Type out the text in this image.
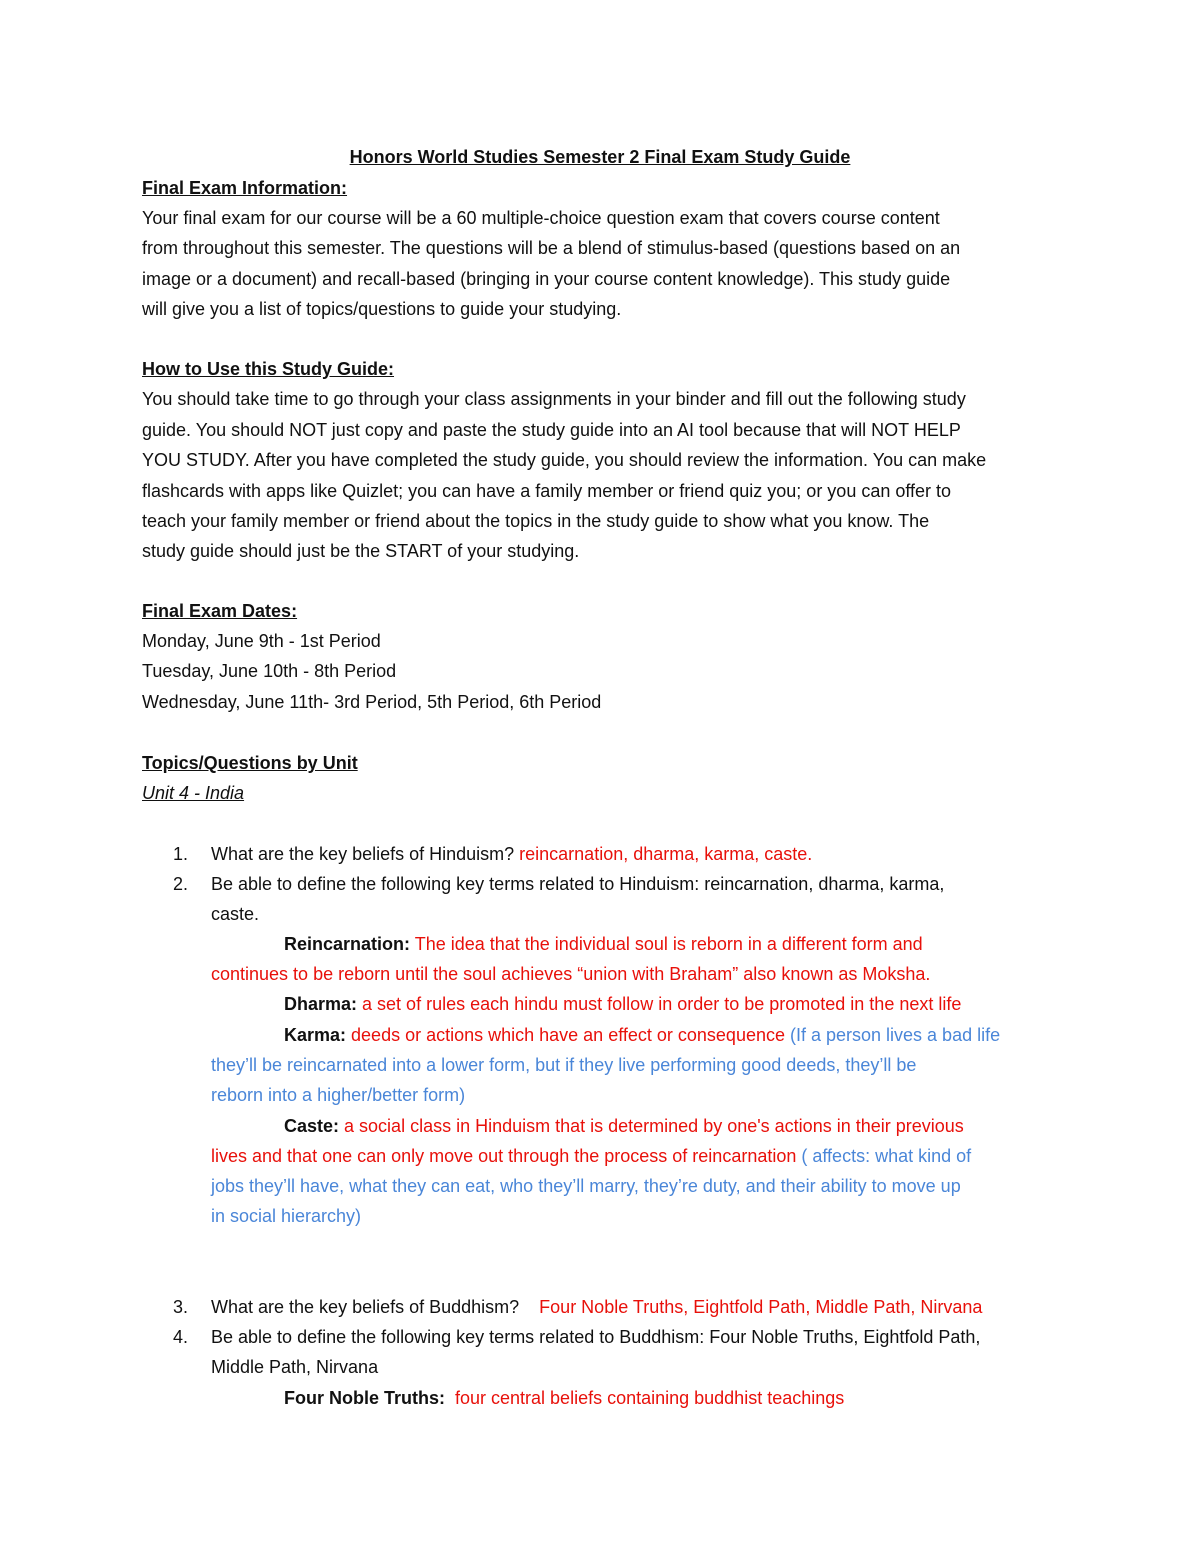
Honors World Studies Semester 2 Final Exam Study Guide
Final Exam Information:
Your final exam for our course will be a 60 multiple-choice question exam that covers course content
from throughout this semester. The questions will be a blend of stimulus-based (questions based on an
image or a document) and recall-based (bringing in your course content knowledge). This study guide
will give you a list of topics/questions to guide your studying.
How to Use this Study Guide:
You should take time to go through your class assignments in your binder and fill out the following study
guide. You should NOT just copy and paste the study guide into an AI tool because that will NOT HELP
YOU STUDY. After you have completed the study guide, you should review the information. You can make
flashcards with apps like Quizlet; you can have a family member or friend quiz you; or you can offer to
teach your family member or friend about the topics in the study guide to show what you know. The
study guide should just be the START of your studying.
Final Exam Dates:
Monday, June 9th - 1st Period
Tuesday, June 10th - 8th Period
Wednesday, June 11th- 3rd Period, 5th Period, 6th Period
Topics/Questions by Unit
Unit 4 - India
1. What are the key beliefs of Hinduism? reincarnation, dharma, karma, caste.
2. Be able to define the following key terms related to Hinduism: reincarnation, dharma, karma,
caste.
Reincarnation: The idea that the individual soul is reborn in a different form and
continues to be reborn until the soul achieves “union with Braham” also known as Moksha.
Dharma: a set of rules each hindu must follow in order to be promoted in the next life
Karma: deeds or actions which have an effect or consequence (If a person lives a bad life
they’ll be reincarnated into a lower form, but if they live performing good deeds, they’ll be
reborn into a higher/better form)
Caste: a social class in Hinduism that is determined by one's actions in their previous
lives and that one can only move out through the process of reincarnation ( affects: what kind of
jobs they’ll have, what they can eat, who they’ll marry, they’re duty, and their ability to move up
in social hierarchy)
3. What are the key beliefs of Buddhism?    Four Noble Truths, Eightfold Path, Middle Path, Nirvana
4. Be able to define the following key terms related to Buddhism: Four Noble Truths, Eightfold Path,
Middle Path, Nirvana
Four Noble Truths:  four central beliefs containing buddhist teachings
